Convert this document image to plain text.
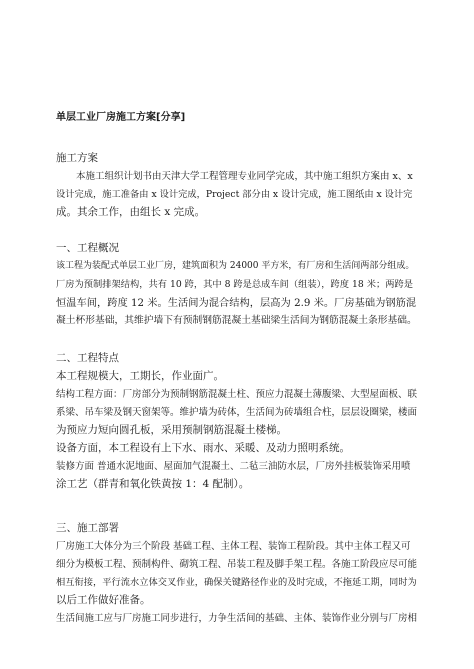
单层工业厂房施工方案[分享]
施工方案
本施工组织计划书由天津大学工程管理专业同学完成，其中施工组织方案由 x、x
设计完成，施工准备由 x 设计完成，Project 部分由 x 设计完成，施工图纸由 x 设计完
成。其余工作，由组长 x 完成。
一、工程概况
该工程为装配式单层工业厂房，建筑面积为 24000 平方米，有厂房和生活间两部分组成。
厂房为预制排架结构，共有 10 跨，其中 8 跨是总成车间（组装），跨度 18 米；两跨是
恒温车间，跨度 12 米。生活间为混合结构，层高为 2.9 米。厂房基础为钢筋混
凝土杯形基础，其维护墙下有预制钢筋混凝土基础梁生活间为钢筋混凝土条形基础。
二、工程特点
本工程规模大，工期长，作业面广。
结构工程方面：厂房部分为预制钢筋混凝土柱、预应力混凝土薄腹梁、大型屋面板、联
系梁、吊车梁及钢天窗架等。维护墙为砖体，生活间为砖墙组合柱，层层设圈梁，楼面
为预应力短向圆孔板，采用预制钢筋混凝土楼梯。
设备方面，本工程设有上下水、雨水、采暖、及动力照明系统。
装修方面 普通水泥地面、屋面加气混凝土、二毡三油防水层，厂房外挂板装饰采用喷
涂工艺（群青和氧化铁黄按 1：4 配制）。
三、施工部署
厂房施工大体分为三个阶段 基础工程、主体工程、装饰工程阶段。其中主体工程又可
细分为模板工程、预制构件、砌筑工程、吊装工程及脚手架工程。各施工阶段应尽可能
相互衔接，平行流水立体交叉作业，确保关键路径作业的及时完成，不拖延工期，同时为
以后工作做好准备。
生活间施工应与厂房施工同步进行，力争生活间的基础、主体、装饰作业分别与厂房相
